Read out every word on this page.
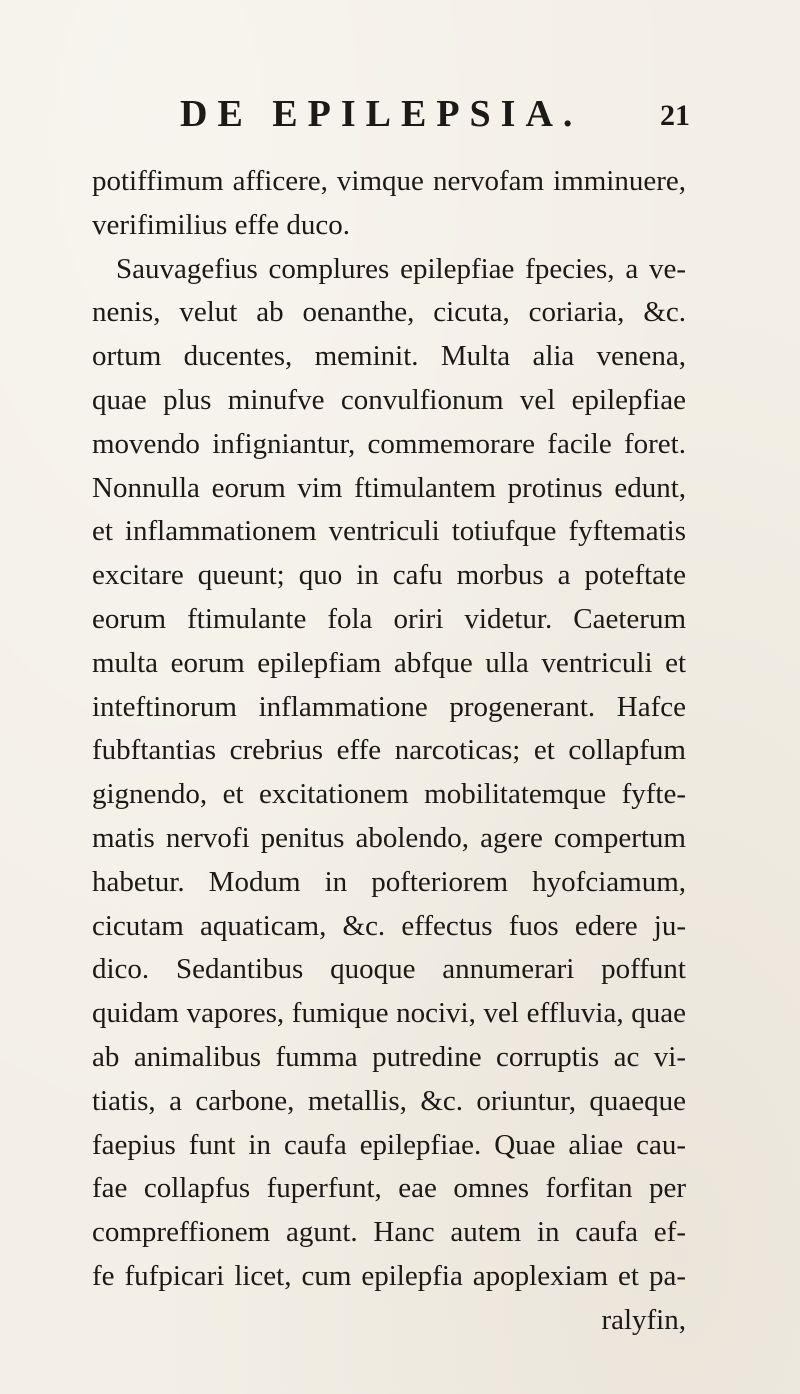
DE EPILEPSIA.	21
potiffimum afficere, vimque nervofam imminuere,
verifimilius effe duco.
Sauvagefius complures epilepfiae fpecies, a ve-
nenis, velut ab oenanthe, cicuta, coriaria, &c.
ortum ducentes, meminit. Multa alia venena,
quae plus minufve convulfionum vel epilepfiae
movendo infigniantur, commemorare facile foret.
Nonnulla eorum vim ftimulantem protinus edunt,
et inflammationem ventriculi totiufque fyftematis
excitare queunt; quo in cafu morbus a poteftate
eorum ftimulante fola oriri videtur. Caeterum
multa eorum epilepfiam abfque ulla ventriculi et
inteftinorum inflammatione progenerant. Hafce
fubftantias crebrius effe narcoticas; et collapfum
gignendo, et excitationem mobilitatemque fyfte-
matis nervofi penitus abolendo, agere compertum
habetur. Modum in pofteriorem hyofciamum,
cicutam aquaticam, &c. effectus fuos edere ju-
dico. Sedantibus quoque annumerari poffunt
quidam vapores, fumique nocivi, vel effluvia, quae
ab animalibus fumma putredine corruptis ac vi-
tiatis, a carbone, metallis, &c. oriuntur, quaeque
faepius funt in caufa epilepfiae. Quae aliae cau-
fae collapfus fuperfunt, eae omnes forfitan per
compreffionem agunt. Hanc autem in caufa ef-
fe fufpicari licet, cum epilepfia apoplexiam et pa-
ralyfin,
